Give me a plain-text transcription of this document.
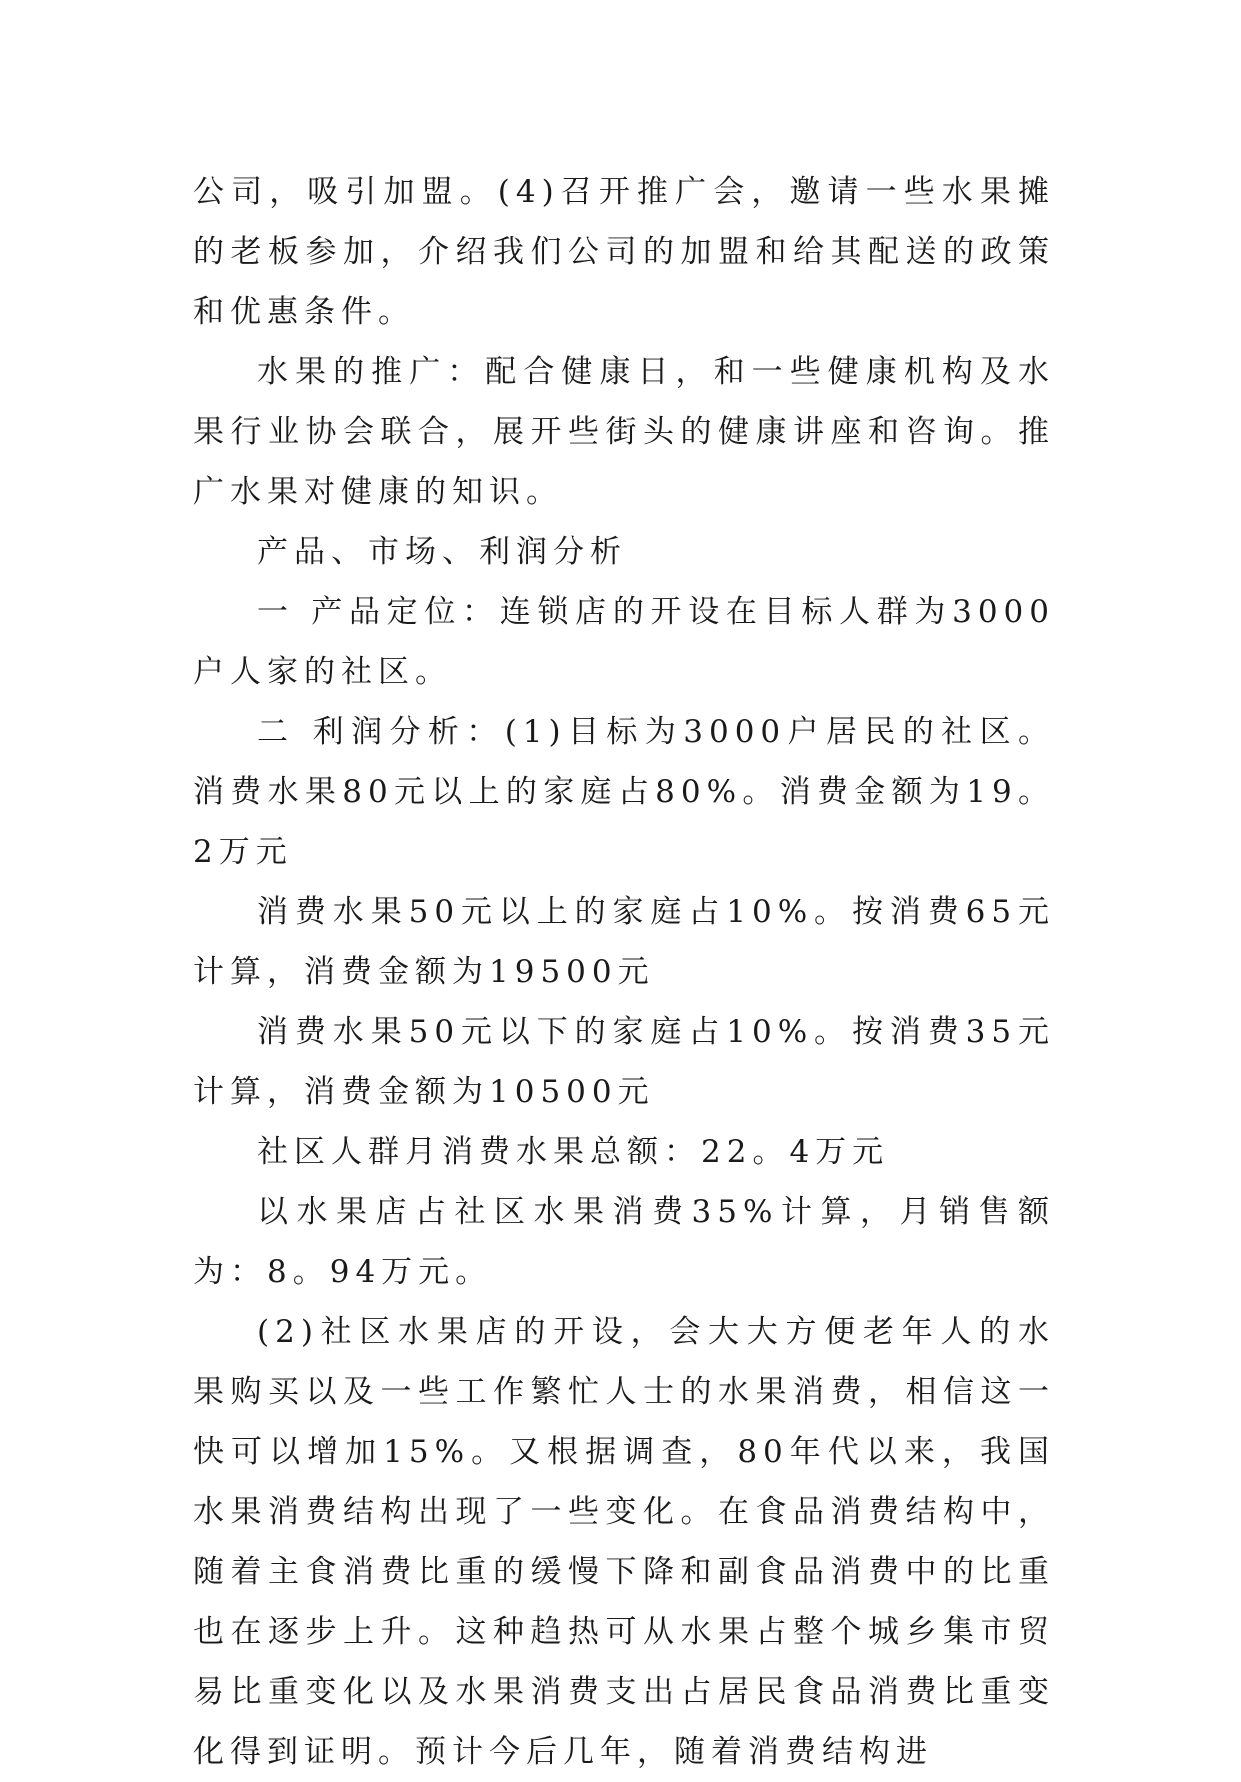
公司，吸引加盟。(4)召开推广会，邀请一些水果摊的老板参加，介绍我们公司的加盟和给其配送的政策和优惠条件。

水果的推广：配合健康日，和一些健康机构及水果行业协会联合，展开些街头的健康讲座和咨询。推广水果对健康的知识。

产品、市场、利润分析

一 产品定位：连锁店的开设在目标人群为3000户人家的社区。

二 利润分析：(1)目标为3000户居民的社区。消费水果80元以上的家庭占80%。消费金额为19。2万元

消费水果50元以上的家庭占10%。按消费65元计算，消费金额为19500元

消费水果50元以下的家庭占10%。按消费35元计算，消费金额为10500元

社区人群月消费水果总额：22。4万元

以水果店占社区水果消费35%计算，月销售额为：8。94万元。

(2)社区水果店的开设，会大大方便老年人的水果购买以及一些工作繁忙人士的水果消费，相信这一快可以增加15%。又根据调查，80年代以来，我国水果消费结构出现了一些变化。在食品消费结构中，随着主食消费比重的缓慢下降和副食品消费中的比重也在逐步上升。这种趋热可从水果占整个城乡集市贸易比重变化以及水果消费支出占居民食品消费比重变化得到证明。预计今后几年，随着消费结构进
